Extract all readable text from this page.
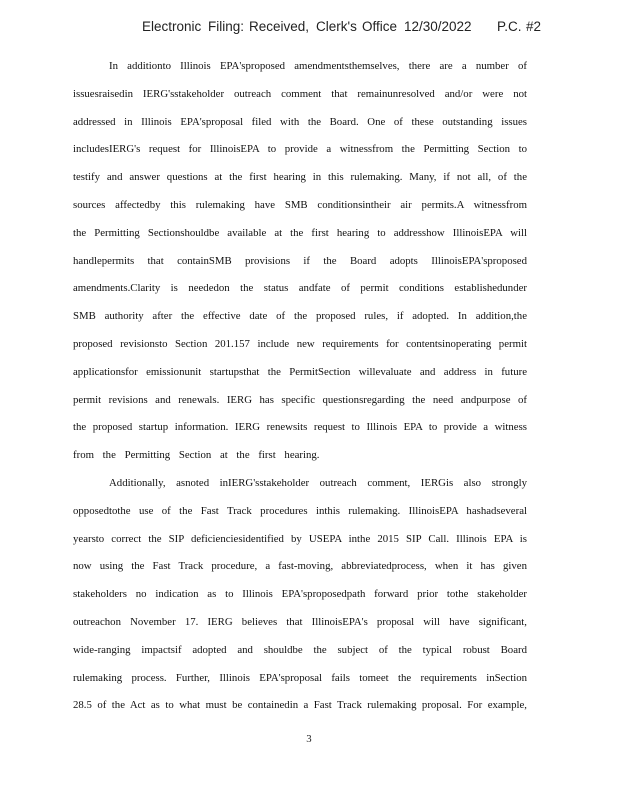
Electronic Filing: Received, Clerk's Office 12/30/2022 P.C. #2
In additionto Illinois EPA'sproposed amendmentsthemselves, there are a number of
issuesraisedin IERG'sstakeholder outreach comment that remainunresolved and/or were not
addressed in Illinois EPA'sproposal filed with the Board. One of these outstanding issues
includesIERG's request for IllinoisEPA to provide a witnessfrom the Permitting Section to
testify and answer questions at the first hearing in this rulemaking. Many, if not all, of the
sources affectedby this rulemaking have SMB conditionsintheir air permits.A witnessfrom
the Permitting Sectionshouldbe available at the first hearing to addresshow IllinoisEPA will
handlepermits that containSMB provisions if the Board adopts IllinoisEPA'sproposed
amendments.Clarity is neededon the status andfate of permit conditions establishedunder
SMB authority after the effective date of the proposed rules, if adopted. In addition,the
proposed revisionsto Section 201.157 include new requirements for contentsinoperating permit
applicationsfor emissionunit startupsthat the PermitSection willevaluate and address in future
permit revisions and renewals. IERG has specific questionsregarding the need andpurpose of
the proposed startup information. IERG renewsits request to Illinois EPA to provide a witness
from the Permitting Section at the first hearing.
Additionally, asnoted inIERG'sstakeholder outreach comment, IERGis also strongly
opposedtothe use of the Fast Track procedures inthis rulemaking. IllinoisEPA hashadseveral
yearsto correct the SIP deficienciesidentified by USEPA inthe 2015 SIP Call. Illinois EPA is
now using the Fast Track procedure, a fast-moving, abbreviatedprocess, when it has given
stakeholders no indication as to Illinois EPA'sproposedpath forward prior tothe stakeholder
outreachon November 17. IERG believes that IllinoisEPA's proposal will have significant,
wide-ranging impactsif adopted and shouldbe the subject of the typical robust Board
rulemaking process. Further, Illinois EPA'sproposal fails tomeet the requirements inSection
28.5 of the Act as to what must be containedin a Fast Track rulemaking proposal. For example,
3
